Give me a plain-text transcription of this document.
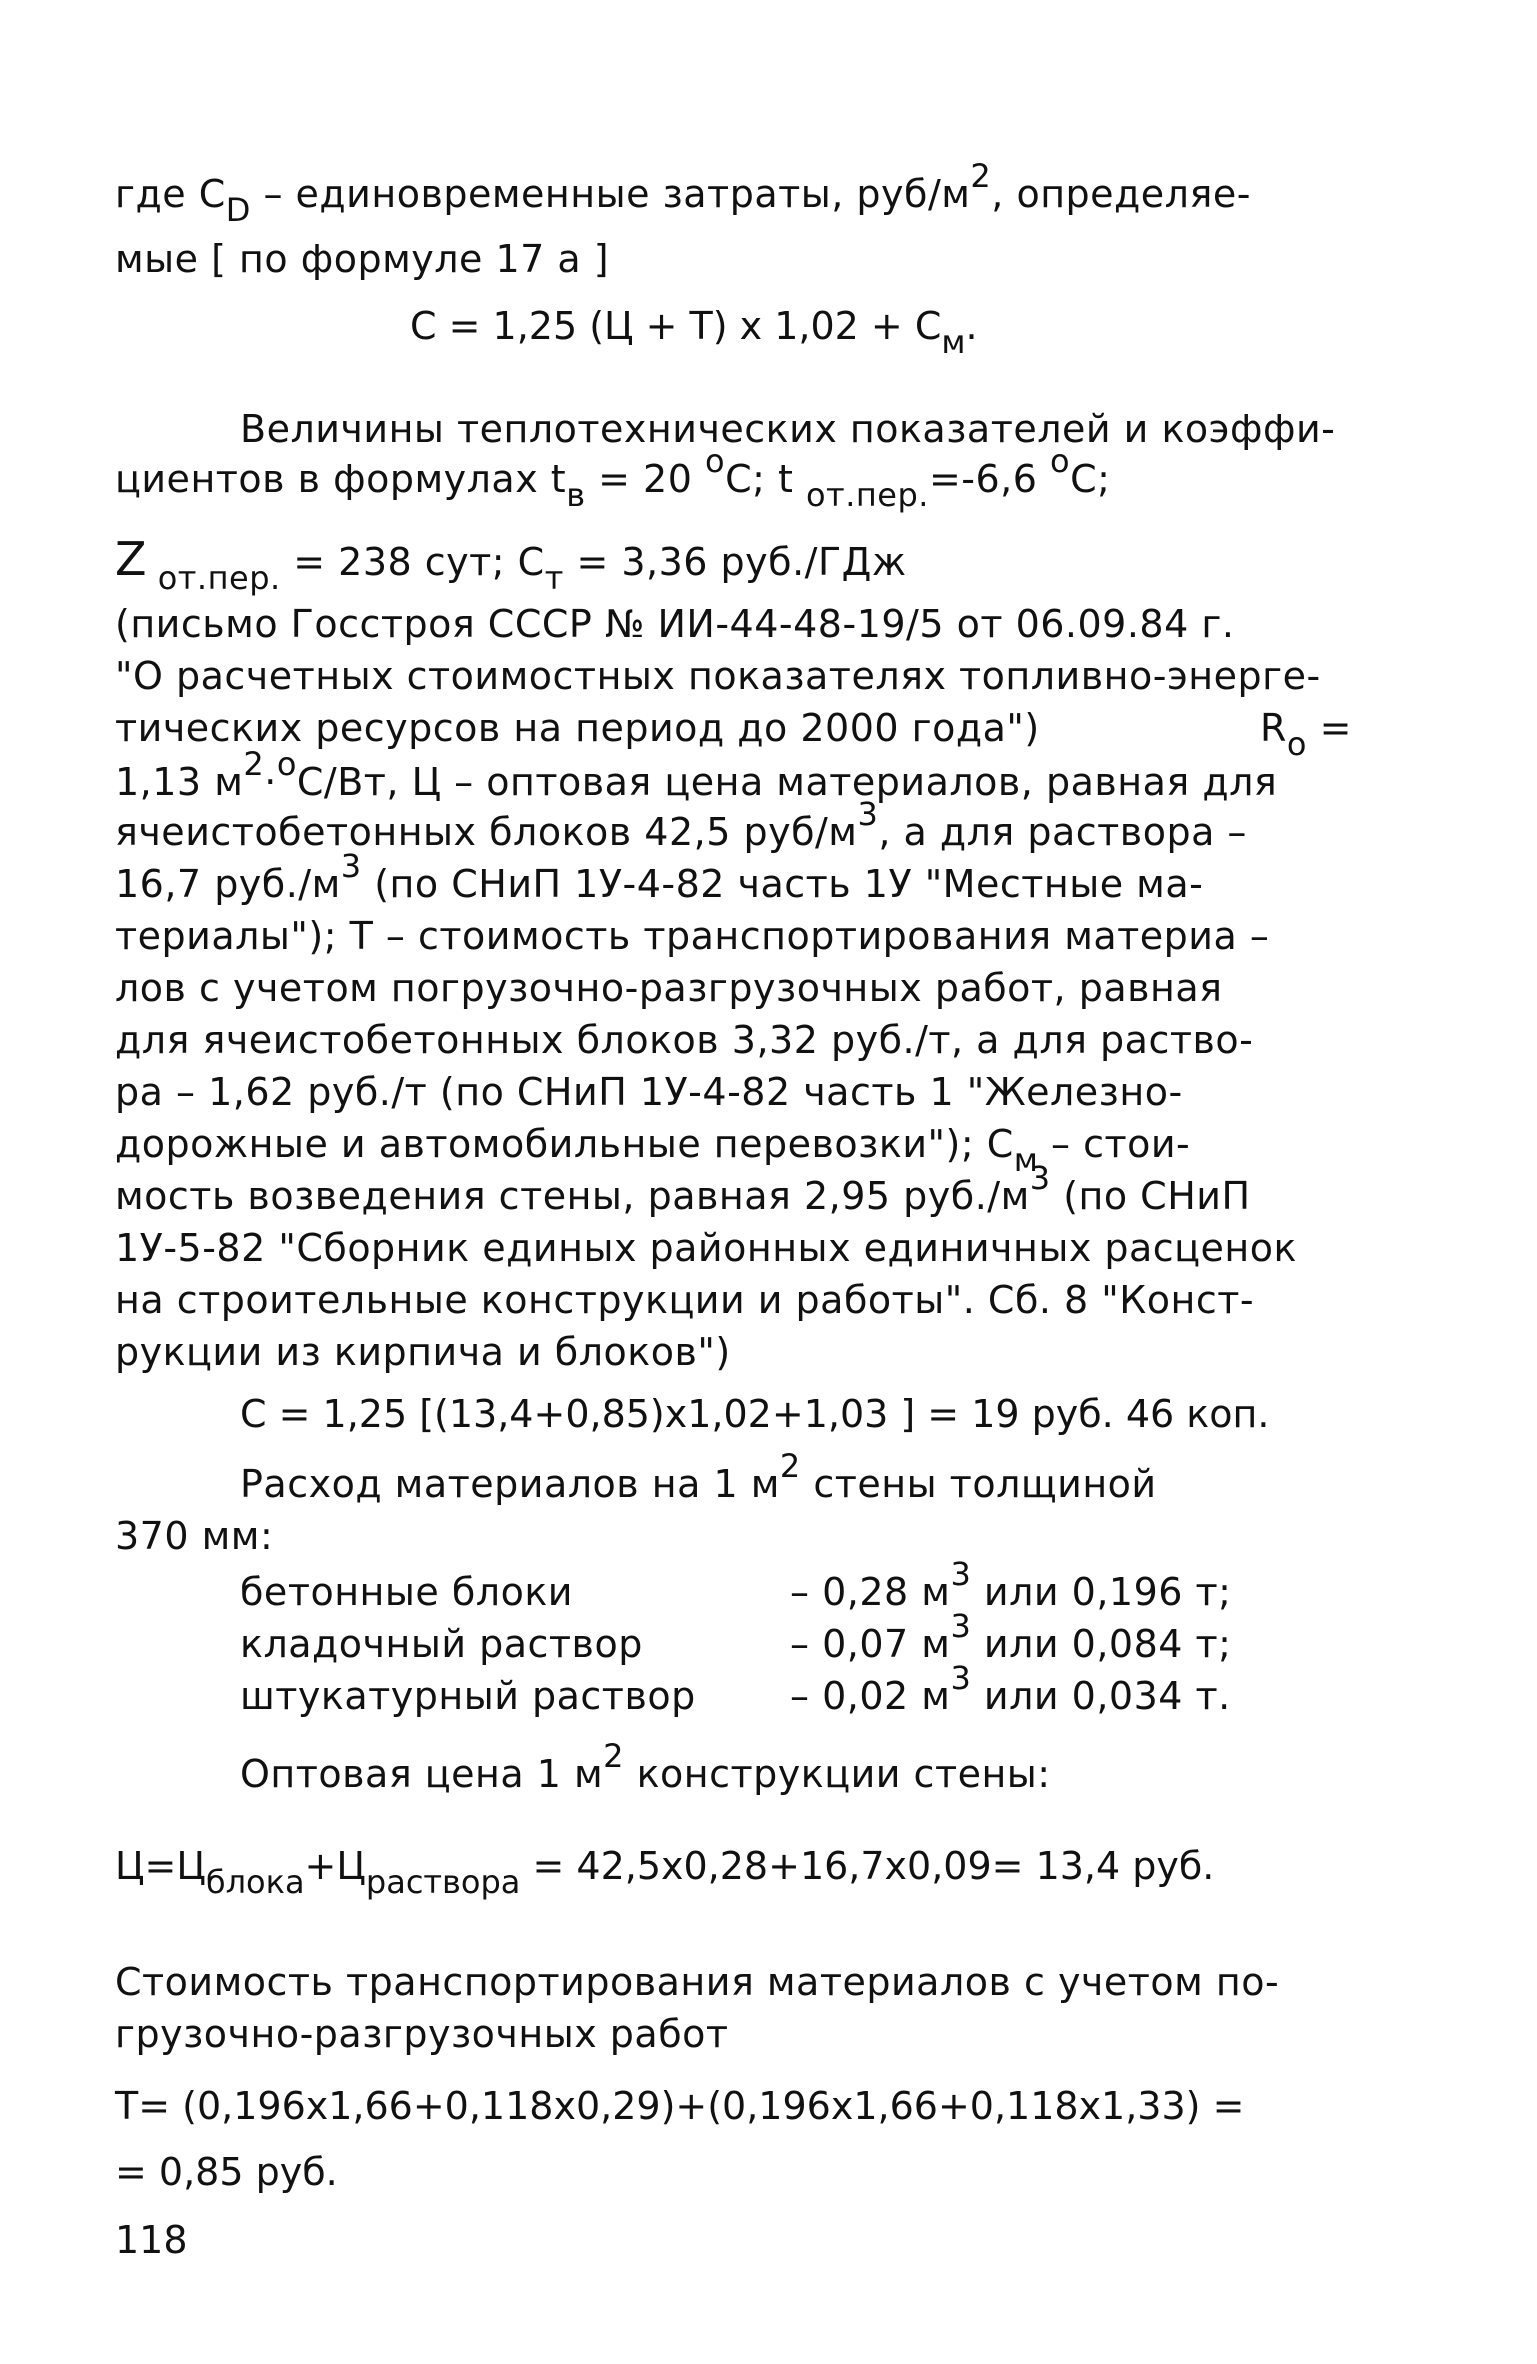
где $С_D$ – единовременные затраты, руб/$м^2$, определяе-
мые [ по формуле 17 а ]
С = 1,25 (Ц + Т) х $1,02 + С_м$.
Величины теплотехнических показателей и коэффи-
циентов в формулах $t_в = 20$ $^о$С; t $_{от.пер.}$=-6,6 $^о$С;
Z $_{от.пер.}$ = 238 сут; $С_т = 3,36$ руб./ГДж
(письмо Госстроя СССР № ИИ-44-48-19/5 от 06.09.84 г.
"О расчетных стоимостных показателях топливно-энерге-
тических ресурсов на период до 2000 года")	$R_о$ =
1,13 $м^2\cdot^оС/Вт$, Ц – оптовая цена материалов, равная для
ячеистобетонных блоков 42,5 руб/$м^3$, а для раствора –
16,7 $руб./м^3$ (по СНиП 1У-4-82 часть 1У "Местные ма-
териалы"); Т – стоимость транспортирования материа –
лов с учетом погрузочно-разгрузочных работ, равная
для ячеистобетонных блоков 3,32 руб./т, а для раство-
ра – 1,62 руб./т (по СНиП 1У-4-82 часть 1 "Железно-
дорожные и автомобильные перевозки"); $С_м$ – стои-
мость возведения стены, равная 2,95 $руб./м^3$ (по СНиП
1У-5-82 "Сборник единых районных единичных расценок
на строительные конструкции и работы". Сб. 8 "Конст-
рукции из кирпича и блоков")
С = 1,25 [(13,4+0,85)х1,02+1,03 ] = 19 руб. 46 коп.
Расход материалов на 1 $м^2$ стены толщиной
370 мм:
бетонные блоки	– 0,28 $м^3$ или 0,196 т;
кладочный раствор	– 0,07 $м^3$ или 0,084 т;
штукатурный раствор – 0,02 $м^3$ или 0,034 т.
Оптовая цена 1 $м^2$ конструкции стены:
$Ц=Ц_{блока}+Ц_{раствора} = 42,5х0,28+16,7х0,09= 13,4$ руб.
Стоимость транспортирования материалов с учетом по-
грузочно-разгрузочных работ
Т= (0,196х1,66+0,118х0,29)+(0,196х1,66+0,118х1,33) =
= 0,85 руб.
118
